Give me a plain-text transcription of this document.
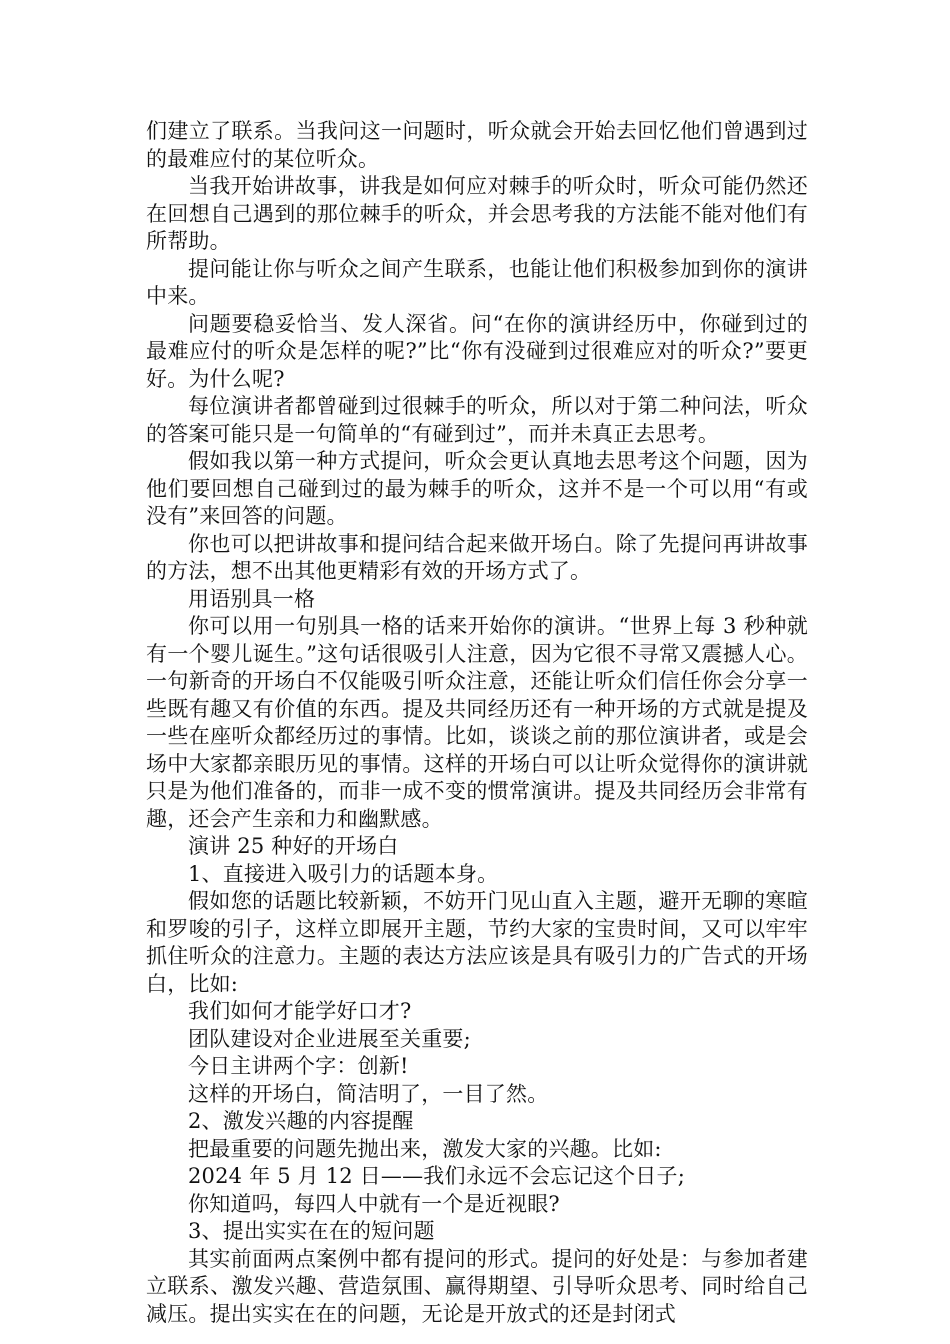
们建立了联系。当我问这一问题时，听众就会开始去回忆他们曾遇到过的最难应付的某位听众。

当我开始讲故事，讲我是如何应对棘手的听众时，听众可能仍然还在回想自己遇到的那位棘手的听众，并会思考我的方法能不能对他们有所帮助。

提问能让你与听众之间产生联系，也能让他们积极参加到你的演讲中来。

问题要稳妥恰当、发人深省。问“在你的演讲经历中，你碰到过的最难应付的听众是怎样的呢?”比“你有没碰到过很难应对的听众?”要更好。为什么呢?

每位演讲者都曾碰到过很棘手的听众，所以对于第二种问法，听众的答案可能只是一句简单的“有碰到过”，而并未真正去思考。

假如我以第一种方式提问，听众会更认真地去思考这个问题，因为他们要回想自己碰到过的最为棘手的听众，这并不是一个可以用“有或没有”来回答的问题。

你也可以把讲故事和提问结合起来做开场白。除了先提问再讲故事的方法，想不出其他更精彩有效的开场方式了。

用语别具一格

你可以用一句别具一格的话来开始你的演讲。“世界上每 3 秒种就有一个婴儿诞生。”这句话很吸引人注意，因为它很不寻常又震撼人心。一句新奇的开场白不仅能吸引听众注意，还能让听众们信任你会分享一些既有趣又有价值的东西。提及共同经历还有一种开场的方式就是提及一些在座听众都经历过的事情。比如，谈谈之前的那位演讲者，或是会场中大家都亲眼历见的事情。这样的开场白可以让听众觉得你的演讲就只是为他们准备的，而非一成不变的惯常演讲。提及共同经历会非常有趣，还会产生亲和力和幽默感。

演讲 25 种好的开场白

1、直接进入吸引力的话题本身。

假如您的话题比较新颖，不妨开门见山直入主题，避开无聊的寒暄和罗唆的引子，这样立即展开主题，节约大家的宝贵时间，又可以牢牢抓住听众的注意力。主题的表达方法应该是具有吸引力的广告式的开场白，比如:

我们如何才能学好口才?

团队建设对企业进展至关重要;

今日主讲两个字：创新!

这样的开场白，简洁明了，一目了然。

2、激发兴趣的内容提醒

把最重要的问题先抛出来，激发大家的兴趣。比如:

2024 年 5 月 12 日——我们永远不会忘记这个日子;

你知道吗，每四人中就有一个是近视眼?

3、提出实实在在的短问题

其实前面两点案例中都有提问的形式。提问的好处是：与参加者建立联系、激发兴趣、营造氛围、赢得期望、引导听众思考、同时给自己减压。提出实实在在的问题，无论是开放式的还是封闭式
